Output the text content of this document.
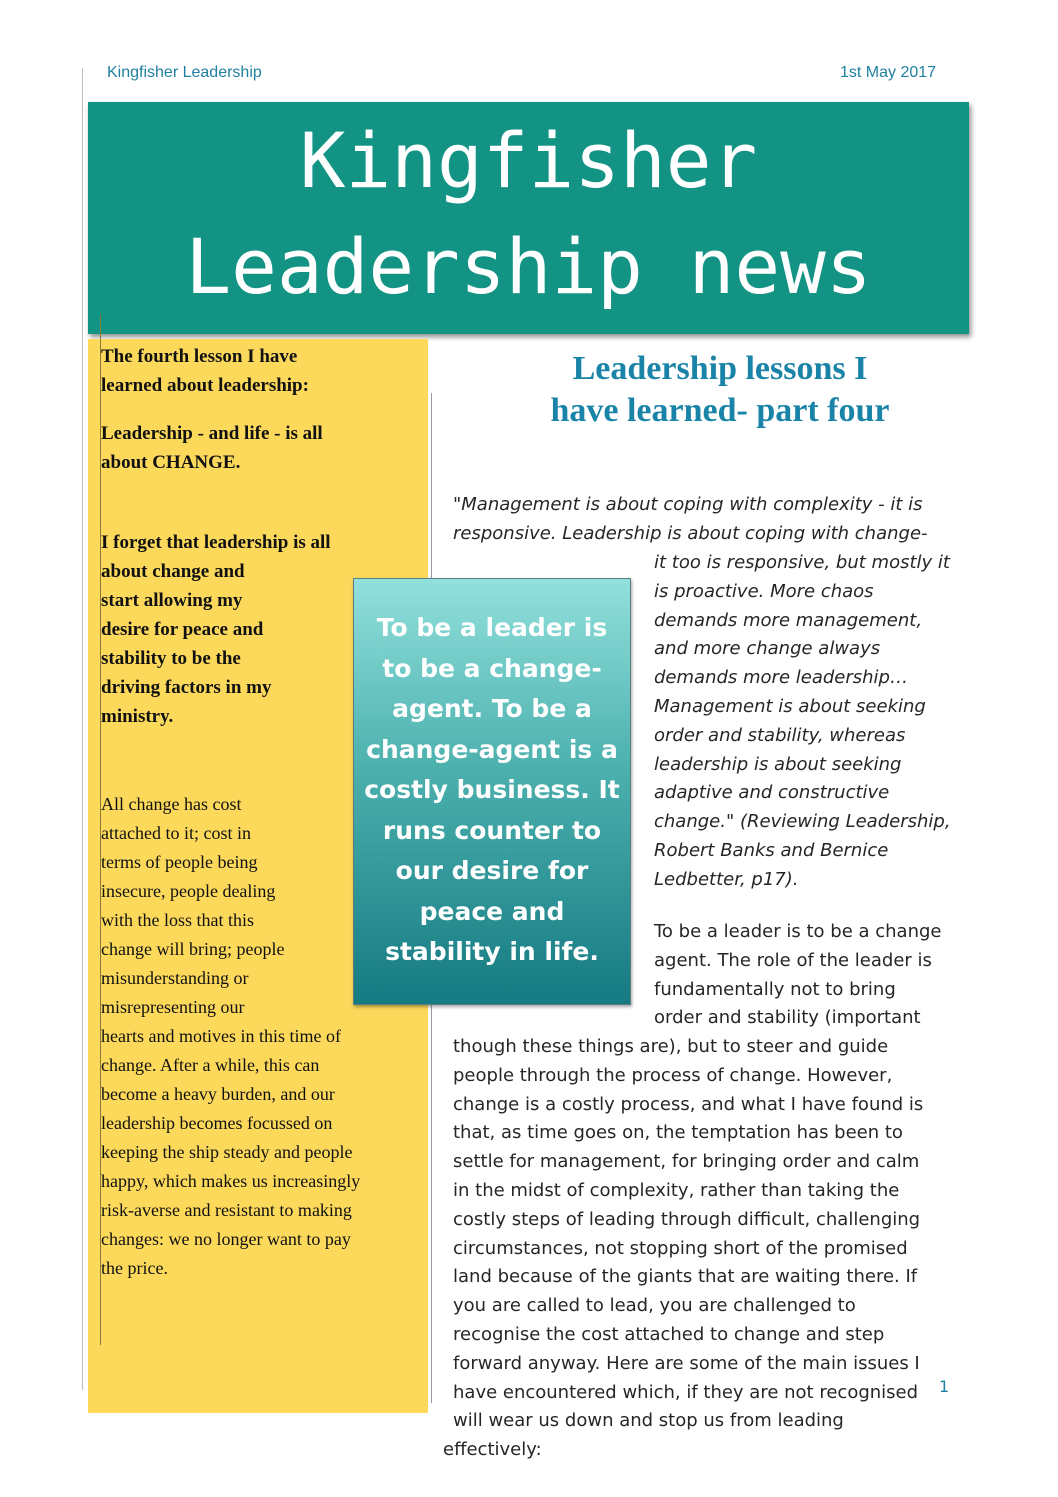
Kingfisher Leadership	1st May 2017
Kingfisher
Leadership news
The fourth lesson I have
learned about leadership:
Leadership - and life - is all
about CHANGE.
I forget that leadership is all
about change and
start allowing my
desire for peace and
stability to be the
driving factors in my
ministry.
All change has cost
attached to it; cost in
terms of people being
insecure, people dealing
with the loss that this
change will bring; people
misunderstanding or
misrepresenting our
hearts and motives in this time of
change. After a while, this can
become a heavy burden, and our
leadership becomes focussed on
keeping the ship steady and people
happy, which makes us increasingly
risk-averse and resistant to making
changes: we no longer want to pay
the price.
Leadership lessons I
have learned- part four
"Management is about coping with complexity - it is
responsive. Leadership is about coping with change-
it too is responsive, but mostly it
is proactive. More chaos
demands more management,
and more change always
demands more leadership…
Management is about seeking
order and stability, whereas
leadership is about seeking
adaptive and constructive
change." (Reviewing Leadership,
Robert Banks and Bernice
Ledbetter, p17).
To be a leader is to be a change
agent. The role of the leader is
fundamentally not to bring
order and stability (important
though these things are), but to steer and guide
people through the process of change. However,
change is a costly process, and what I have found is
that, as time goes on, the temptation has been to
settle for management, for bringing order and calm
in the midst of complexity, rather than taking the
costly steps of leading through difficult, challenging
circumstances, not stopping short of the promised
land because of the giants that are waiting there. If
you are called to lead, you are challenged to
recognise the cost attached to change and step
forward anyway. Here are some of the main issues I
have encountered which, if they are not recognised
will wear us down and stop us from leading
effectively:
To be a leader is
to be a change-
agent. To be a
change-agent is a
costly business. It
runs counter to
our desire for
peace and
stability in life.
1
